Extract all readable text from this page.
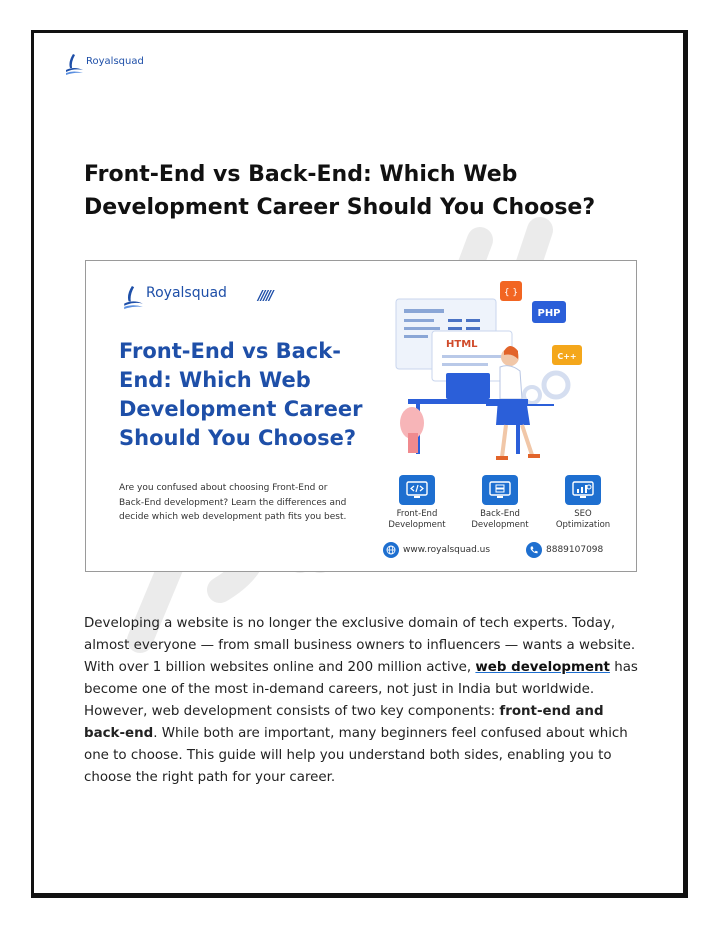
Royalsquad
Front-End vs Back-End: Which Web Development Career Should You Choose?
Royalsquad /////
Front-End vs Back-End: Which Web Development Career Should You Choose?

Are you confused about choosing Front-End or Back-End development? Learn the differences and decide which web development path fits you best.

{ }
PHP
HTML
C++
Front-End Development
Back-End Development
SEO Optimization
www.royalsquad.us	8889107098

Developing a website is no longer the exclusive domain of tech experts. Today, almost everyone — from small business owners to influencers — wants a website. With over 1 billion websites online and 200 million active, web development has become one of the most in-demand careers, not just in India but worldwide.

However, web development consists of two key components: front-end and back-end. While both are important, many beginners feel confused about which one to choose. This guide will help you understand both sides, enabling you to choose the right path for your career.
